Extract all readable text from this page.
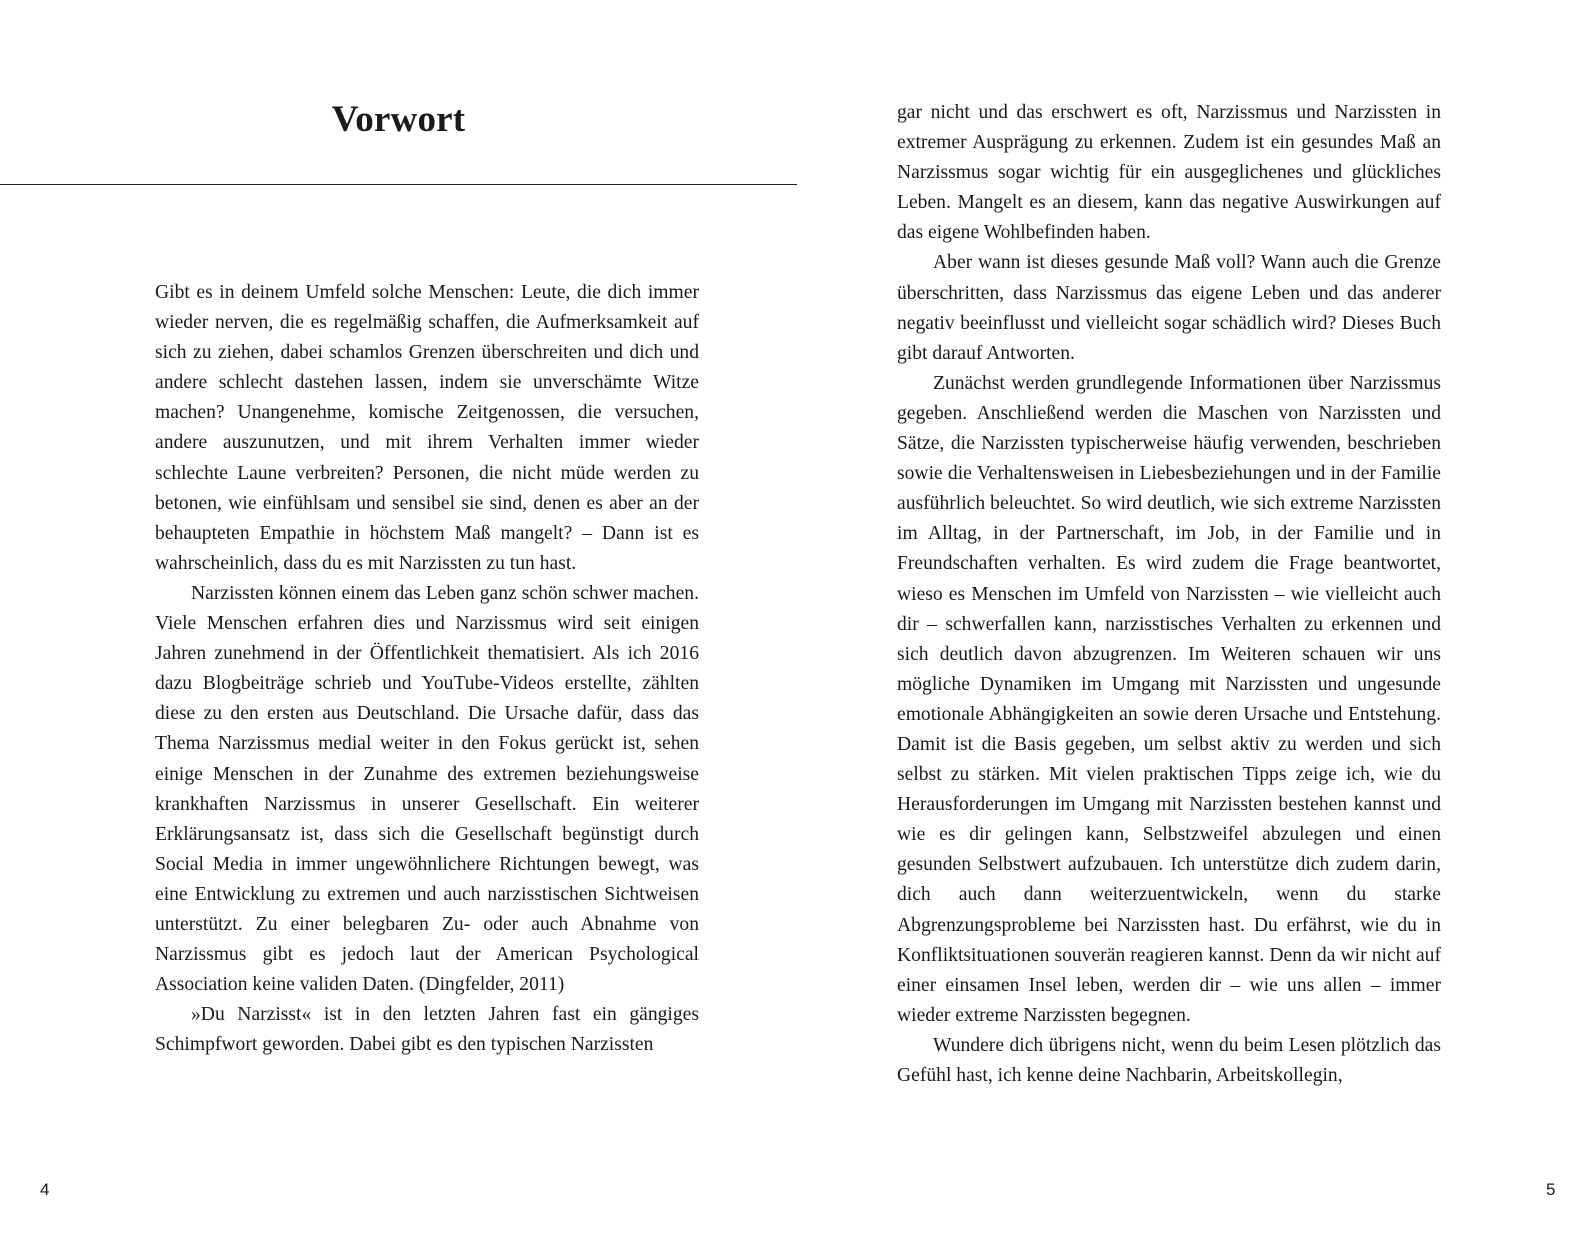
Vorwort

Gibt es in deinem Umfeld solche Menschen: Leute, die dich immer wieder nerven, die es regelmäßig schaffen, die Aufmerksamkeit auf sich zu ziehen, dabei schamlos Grenzen überschreiten und dich und andere schlecht dastehen lassen, indem sie unverschämte Witze machen? Unangenehme, komische Zeitgenossen, die versuchen, andere auszunutzen, und mit ihrem Verhalten immer wieder schlechte Laune verbreiten? Personen, die nicht müde werden zu betonen, wie einfühlsam und sensibel sie sind, denen es aber an der behaupteten Empathie in höchstem Maß mangelt? – Dann ist es wahrscheinlich, dass du es mit Narzissten zu tun hast.

Narzissten können einem das Leben ganz schön schwer machen. Viele Menschen erfahren dies und Narzissmus wird seit einigen Jahren zunehmend in der Öffentlichkeit thematisiert. Als ich 2016 dazu Blogbeiträge schrieb und YouTube-Videos erstellte, zählten diese zu den ersten aus Deutschland. Die Ursache dafür, dass das Thema Narzissmus medial weiter in den Fokus gerückt ist, sehen einige Menschen in der Zunahme des extremen beziehungsweise krankhaften Narzissmus in unserer Gesellschaft. Ein weiterer Erklärungsansatz ist, dass sich die Gesellschaft begünstigt durch Social Media in immer ungewöhnlichere Richtungen bewegt, was eine Entwicklung zu extremen und auch narzisstischen Sichtweisen unterstützt. Zu einer belegbaren Zu- oder auch Abnahme von Narzissmus gibt es jedoch laut der American Psychological Association keine validen Daten. (Dingfelder, 2011)

»Du Narzisst« ist in den letzten Jahren fast ein gängiges Schimpfwort geworden. Dabei gibt es den typischen Narzissten

4

gar nicht und das erschwert es oft, Narzissmus und Narzissten in extremer Ausprägung zu erkennen. Zudem ist ein gesundes Maß an Narzissmus sogar wichtig für ein ausgeglichenes und glückliches Leben. Mangelt es an diesem, kann das negative Auswirkungen auf das eigene Wohlbefinden haben.

Aber wann ist dieses gesunde Maß voll? Wann auch die Grenze überschritten, dass Narzissmus das eigene Leben und das anderer negativ beeinflusst und vielleicht sogar schädlich wird? Dieses Buch gibt darauf Antworten.

Zunächst werden grundlegende Informationen über Narzissmus gegeben. Anschließend werden die Maschen von Narzissten und Sätze, die Narzissten typischerweise häufig verwenden, beschrieben sowie die Verhaltensweisen in Liebesbeziehungen und in der Familie ausführlich beleuchtet. So wird deutlich, wie sich extreme Narzissten im Alltag, in der Partnerschaft, im Job, in der Familie und in Freundschaften verhalten. Es wird zudem die Frage beantwortet, wieso es Menschen im Umfeld von Narzissten – wie vielleicht auch dir – schwerfallen kann, narzisstisches Verhalten zu erkennen und sich deutlich davon abzugrenzen. Im Weiteren schauen wir uns mögliche Dynamiken im Umgang mit Narzissten und ungesunde emotionale Abhängigkeiten an sowie deren Ursache und Entstehung. Damit ist die Basis gegeben, um selbst aktiv zu werden und sich selbst zu stärken. Mit vielen praktischen Tipps zeige ich, wie du Herausforderungen im Umgang mit Narzissten bestehen kannst und wie es dir gelingen kann, Selbstzweifel abzulegen und einen gesunden Selbstwert aufzubauen. Ich unterstütze dich zudem darin, dich auch dann weiterzuentwickeln, wenn du starke Abgrenzungsprobleme bei Narzissten hast. Du erfährst, wie du in Konfliktsituationen souverän reagieren kannst. Denn da wir nicht auf einer einsamen Insel leben, werden dir – wie uns allen – immer wieder extreme Narzissten begegnen.

Wundere dich übrigens nicht, wenn du beim Lesen plötzlich das Gefühl hast, ich kenne deine Nachbarin, Arbeitskollegin,

5
